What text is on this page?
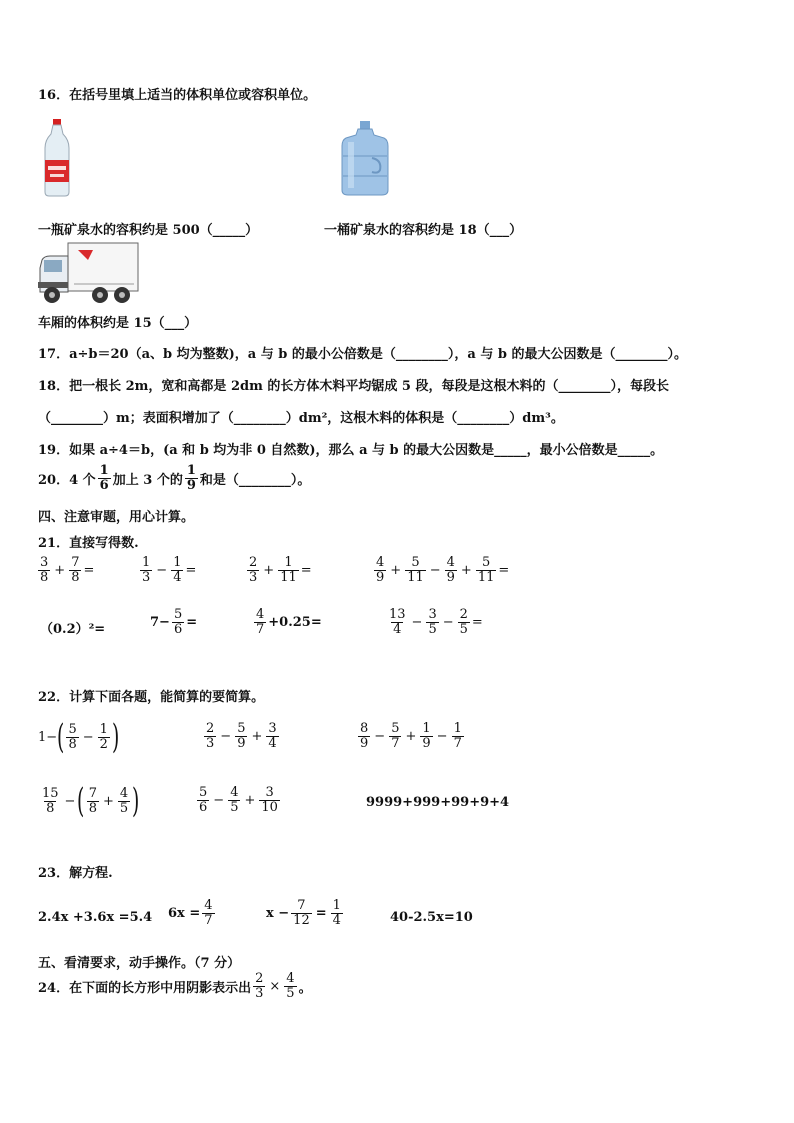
16．在括号里填上适当的体积单位或容积单位。
一瓶矿泉水的容积约是 500（_____）	一桶矿泉水的容积约是 18（___）
车厢的体积约是 15（___）
17．a÷b＝20（a、b 均为整数)，a 与 b 的最小公倍数是（________），a 与 b 的最大公因数是（________）。
18．把一根长 2m，宽和高都是 2dm 的长方体木料平均锯成 5 段，每段是这根木料的（________），每段长
（________）m；表面积增加了（________）dm²，这根木料的体积是（________）dm³。
19．如果 a÷4＝b，(a 和 b 均为非 0 自然数)，那么 a 与 b 的最大公因数是_____，最小公倍数是_____。
20．4 个 $\frac{1}{6}$ 加上 3 个的 $\frac{1}{9}$ 和是（________）。
四、注意审题，用心计算。
21．直接写得数.
$\frac{3}{8} + \frac{7}{8}$ =	$\frac{1}{3} - \frac{1}{4}$ =	$\frac{2}{3} + \frac{1}{11}$ =	$\frac{4}{9} + \frac{5}{11} - \frac{4}{9} + \frac{5}{11}$ =
（0.2）²=	$7- \frac{5}{6}$ =	$\frac{4}{7} +0.25=$	$\frac{13}{4} - \frac{3}{5} - \frac{2}{5}$ =
22．计算下面各题，能简算的要简算。
1− ( $\frac{5}{8} - \frac{1}{2}$ )	$\frac{2}{3} - \frac{5}{9} + \frac{3}{4}$	$\frac{8}{9} - \frac{5}{7} + \frac{1}{9} - \frac{1}{7}$
$\frac{15}{8}$ − ( $\frac{7}{8} + \frac{4}{5}$ )	$\frac{5}{6} - \frac{4}{5} + \frac{3}{10}$	9999+999+99+9+4
23．解方程.
2.4x +3.6x =5.4 $6x = \frac{4}{7}$	$x - \frac{7}{12} = \frac{1}{4}$	40-2.5x=10
五、看清要求，动手操作。（7 分）
24．在下面的长方形中用阴影表示出 $\frac{2}{3} \times \frac{4}{5}$ 。
